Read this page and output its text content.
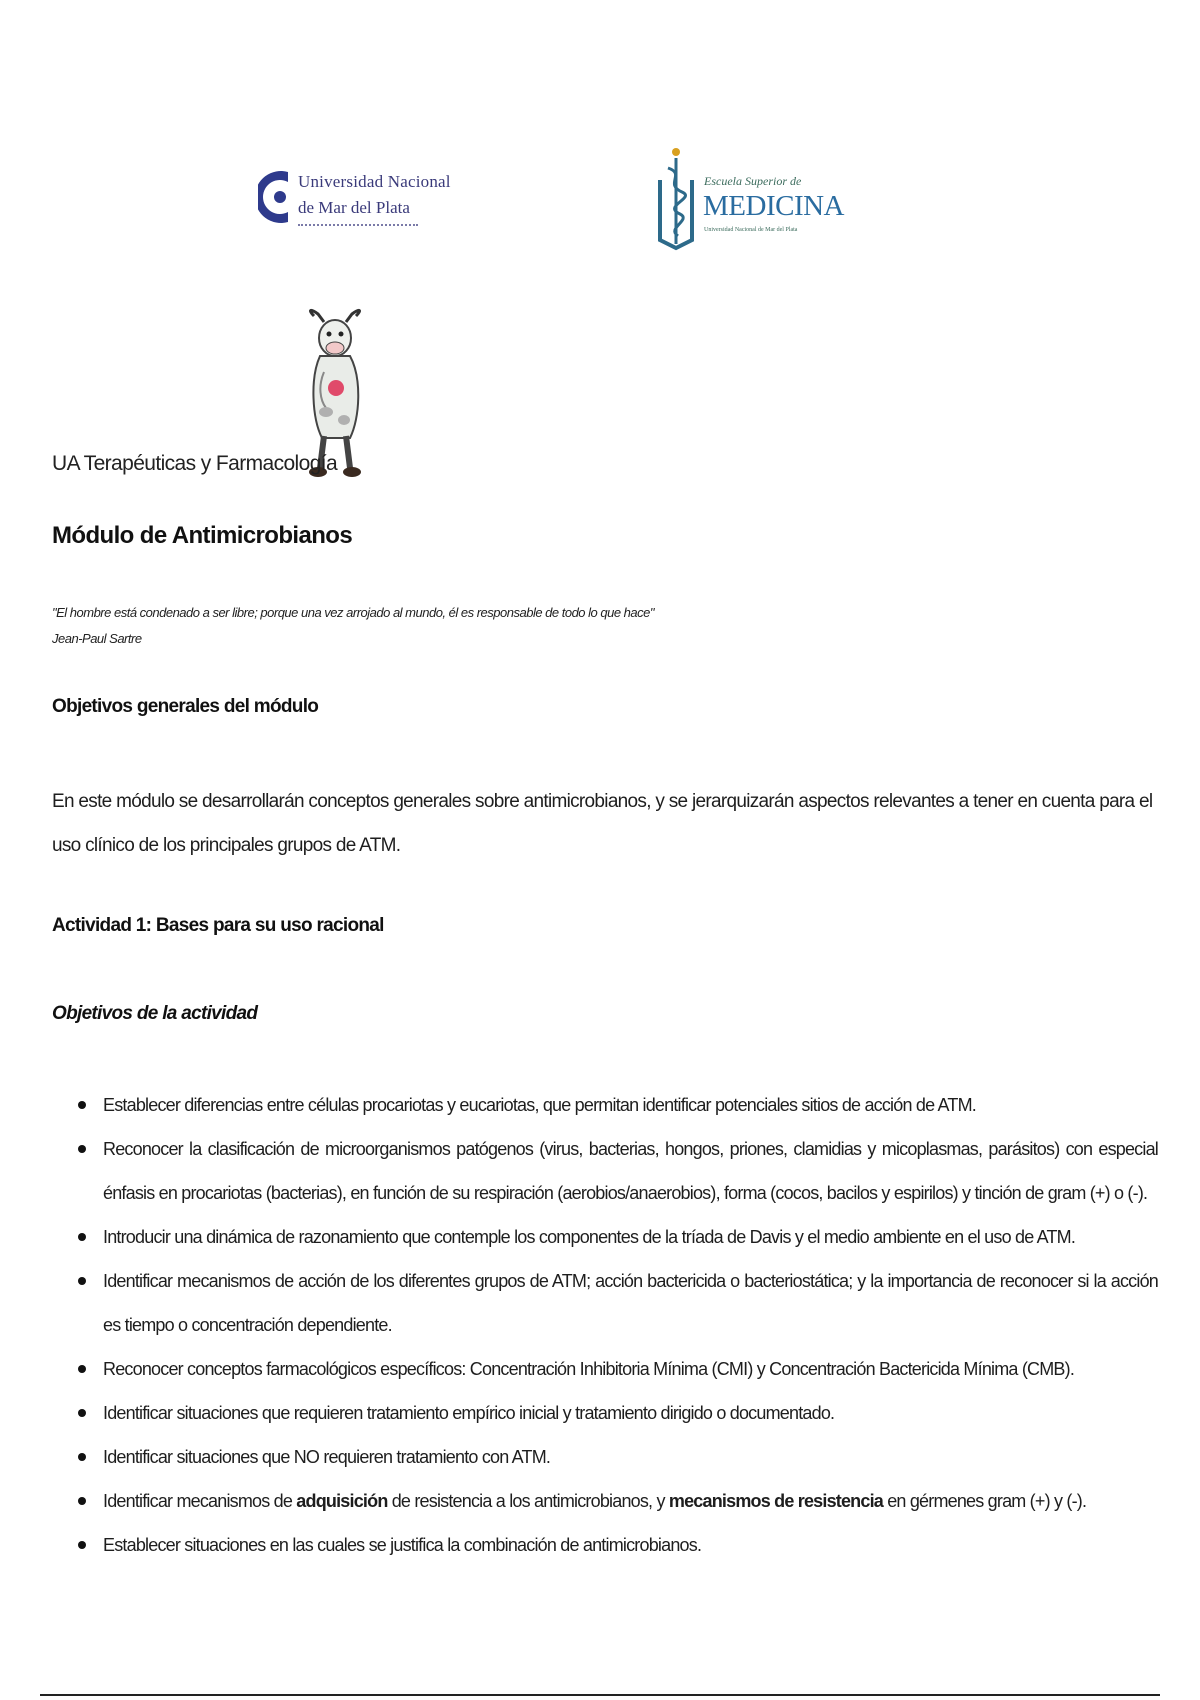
Universidad Nacional
de Mar del Plata
Escuela Superior de
MEDICINA
Universidad Nacional de Mar del Plata
UA Terapéuticas y Farmacología
Módulo de Antimicrobianos
"El hombre está condenado a ser libre; porque una vez arrojado al mundo, él es responsable de todo lo que hace"
Jean-Paul Sartre
Objetivos generales del módulo
En este módulo se desarrollarán conceptos generales sobre antimicrobianos, y se jerarquizarán aspectos relevantes a tener en cuenta para el uso clínico de los principales grupos de ATM.
Actividad 1: Bases para su uso racional
Objetivos de la actividad
Establecer diferencias entre células procariotas y eucariotas, que permitan identificar potenciales sitios de acción de ATM.
Reconocer la clasificación de microorganismos patógenos (virus, bacterias, hongos, priones, clamidias y micoplasmas, parásitos) con especial énfasis en procariotas (bacterias), en función de su respiración (aerobios/anaerobios), forma (cocos, bacilos y espirilos) y tinción de gram (+) o (-).
Introducir una dinámica de razonamiento que contemple los componentes de la tríada de Davis y el medio ambiente en el uso de ATM.
Identificar mecanismos de acción de los diferentes grupos de ATM; acción bactericida o bacteriostática; y la importancia de reconocer si la acción es tiempo o concentración dependiente.
Reconocer conceptos farmacológicos específicos: Concentración Inhibitoria Mínima (CMI) y Concentración Bactericida Mínima (CMB).
Identificar situaciones que requieren tratamiento empírico inicial y tratamiento dirigido o documentado.
Identificar situaciones que NO requieren tratamiento con ATM.
Identificar mecanismos de adquisición de resistencia a los antimicrobianos, y mecanismos de resistencia en gérmenes gram (+) y (-).
Establecer situaciones en las cuales se justifica la combinación de antimicrobianos.
